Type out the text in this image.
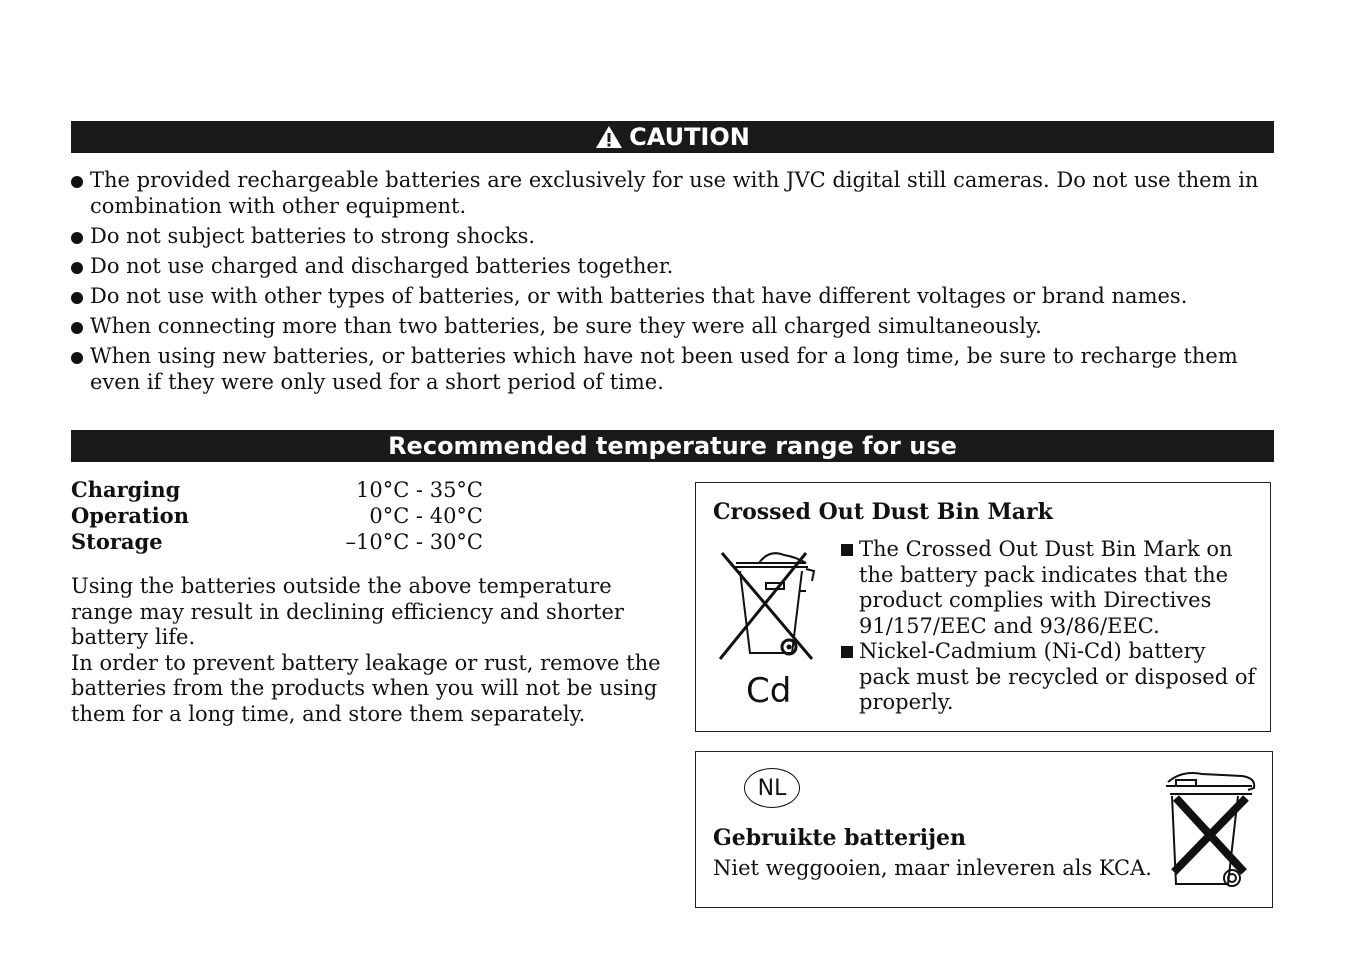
CAUTION
The provided rechargeable batteries are exclusively for use with JVC digital still cameras. Do not use them in combination with other equipment.
Do not subject batteries to strong shocks.
Do not use charged and discharged batteries together.
Do not use with other types of batteries, or with batteries that have different voltages or brand names.
When connecting more than two batteries, be sure they were all charged simultaneously.
When using new batteries, or batteries which have not been used for a long time, be sure to recharge them even if they were only used for a short period of time.
Recommended temperature range for use
Charging	10°C - 35°C
Operation	0°C - 40°C
Storage	–10°C - 30°C

Using the batteries outside the above temperature range may result in declining efficiency and shorter battery life.

In order to prevent battery leakage or rust, remove the batteries from the products when you will not be using them for a long time, and store them separately.

Crossed Out Dust Bin Mark
Cd
The Crossed Out Dust Bin Mark on the battery pack indicates that the product complies with Directives 91/157/EEC and 93/86/EEC.
Nickel-Cadmium (Ni-Cd) battery pack must be recycled or disposed of properly.
NL
Gebruikte batterijen
Niet weggooien, maar inleveren als KCA.
